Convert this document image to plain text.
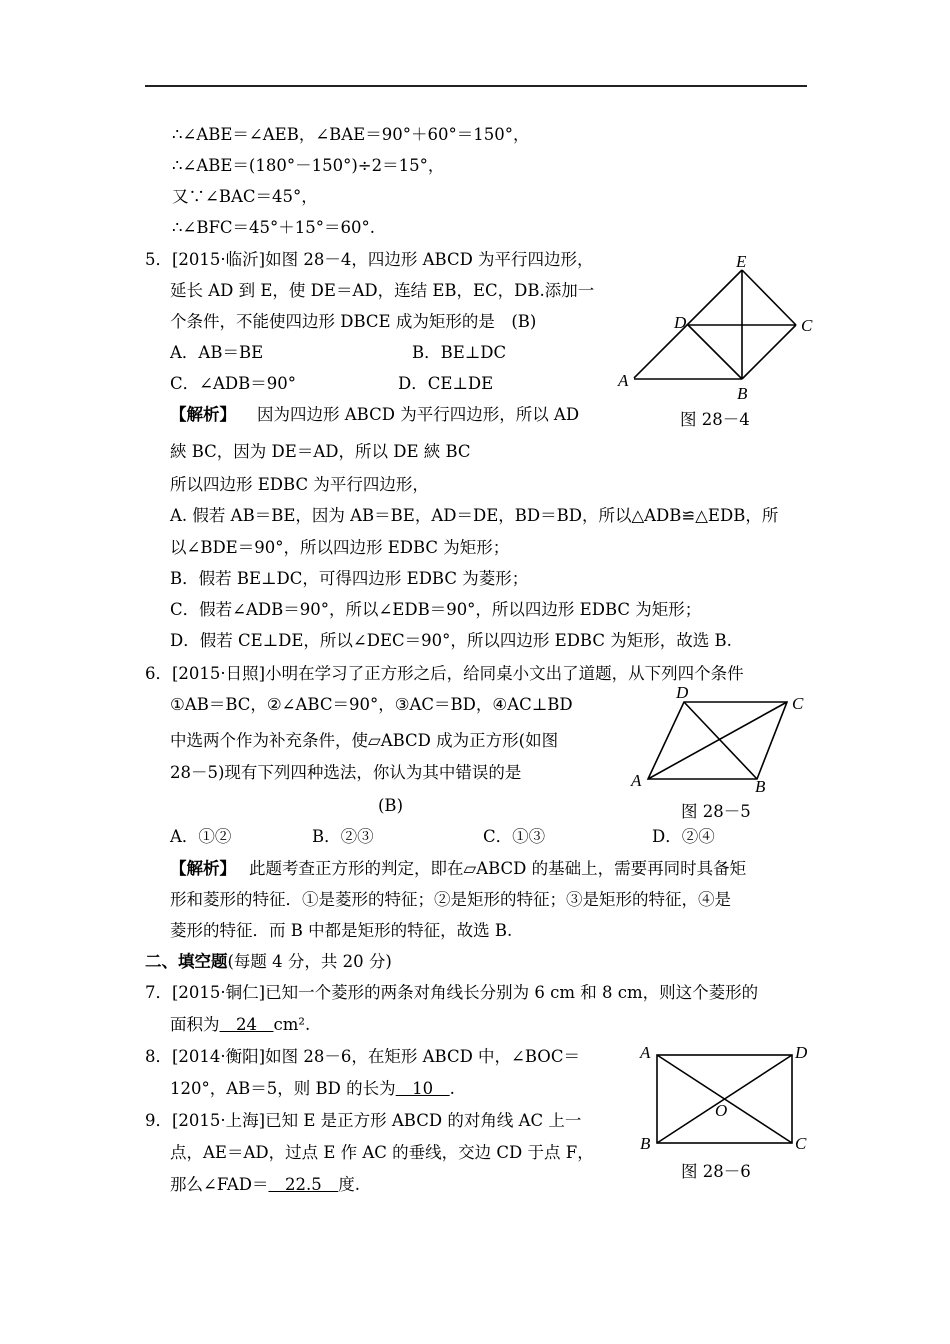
∴∠ABE＝∠AEB，∠BAE＝90°＋60°＝150°，
∴∠ABE＝(180°－150°)÷2＝15°，
又∵∠BAC＝45°，
∴∠BFC＝45°＋15°＝60°.
5．[2015·临沂]如图 28－4，四边形 ABCD 为平行四边形，
延长 AD 到 E，使 DE＝AD，连结 EB，EC，DB.添加一
个条件，不能使四边形 DBCE 成为矩形的是　(B)
A．AB＝BE	B．BE⊥DC
C．∠ADB＝90°	D．CE⊥DE
【解析】 因为四边形 ABCD 为平行四边形，所以 AD
綊 BC，因为 DE＝AD，所以 DE 綊 BC
所以四边形 EDBC 为平行四边形，
A. 假若 AB＝BE，因为 AB＝BE，AD＝DE，BD＝BD，所以△ADB≌△EDB，所
以∠BDE＝90°，所以四边形 EDBC 为矩形；
B．假若 BE⊥DC，可得四边形 EDBC 为菱形；
C．假若∠ADB＝90°，所以∠EDB＝90°，所以四边形 EDBC 为矩形；
D．假若 CE⊥DE，所以∠DEC＝90°，所以四边形 EDBC 为矩形，故选 B.
E
D	C
A
B
图 28－4
6．[2015·日照]小明在学习了正方形之后，给同桌小文出了道题，从下列四个条件
①AB＝BC，②∠ABC＝90°，③AC＝BD，④AC⊥BD
中选两个作为补充条件，使▱ABCD 成为正方形(如图
28－5)现有下列四种选法，你认为其中错误的是
(B)
A．①②	B．②③	C．①③	D．②④
【解析】 此题考查正方形的判定，即在▱ABCD 的基础上，需要再同时具备矩
形和菱形的特征．①是菱形的特征；②是矩形的特征；③是矩形的特征，④是
菱形的特征．而 B 中都是矩形的特征，故选 B.
D
C
A	B
图 28－5
二、填空题(每题 4 分，共 20 分)
7．[2015·铜仁]已知一个菱形的两条对角线长分别为 6 cm 和 8 cm，则这个菱形的
面积为　24　cm².
8．[2014·衡阳]如图 28－6，在矩形 ABCD 中，∠BOC＝
120°，AB＝5，则 BD 的长为　10　.
9．[2015·上海]已知 E 是正方形 ABCD 的对角线 AC 上一
点，AE＝AD，过点 E 作 AC 的垂线，交边 CD 于点 F，
那么∠FAD＝　22.5　度.
A	D
O
B	C
图 28－6
